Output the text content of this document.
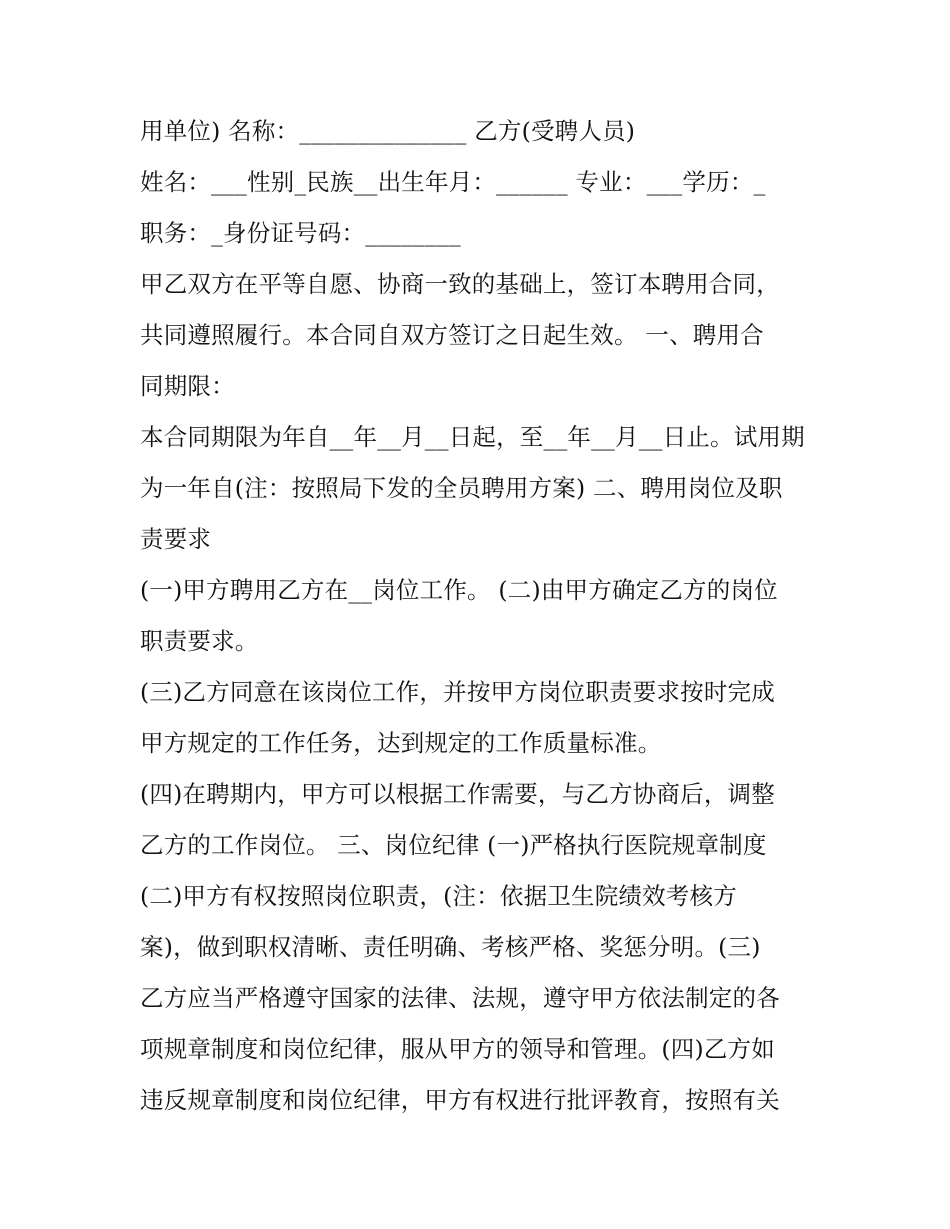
用单位) 名称：______________ 乙方(受聘人员)
姓名：___性别_民族__出生年月：______ 专业：___学历：_
职务：_身份证号码：________
甲乙双方在平等自愿、协商一致的基础上，签订本聘用合同，
共同遵照履行。本合同自双方签订之日起生效。 一、聘用合
同期限：
本合同期限为年自__年__月__日起，至__年__月__日止。试用期
为一年自(注：按照局下发的全员聘用方案) 二、聘用岗位及职
责要求
(一)甲方聘用乙方在__岗位工作。 (二)由甲方确定乙方的岗位
职责要求。
(三)乙方同意在该岗位工作，并按甲方岗位职责要求按时完成
甲方规定的工作任务，达到规定的工作质量标准。
(四)在聘期内，甲方可以根据工作需要，与乙方协商后，调整
乙方的工作岗位。 三、岗位纪律 (一)严格执行医院规章制度
(二)甲方有权按照岗位职责，(注：依据卫生院绩效考核方
案)，做到职权清晰、责任明确、考核严格、奖惩分明。(三)
乙方应当严格遵守国家的法律、法规，遵守甲方依法制定的各
项规章制度和岗位纪律，服从甲方的领导和管理。(四)乙方如
违反规章制度和岗位纪律，甲方有权进行批评教育，按照有关
